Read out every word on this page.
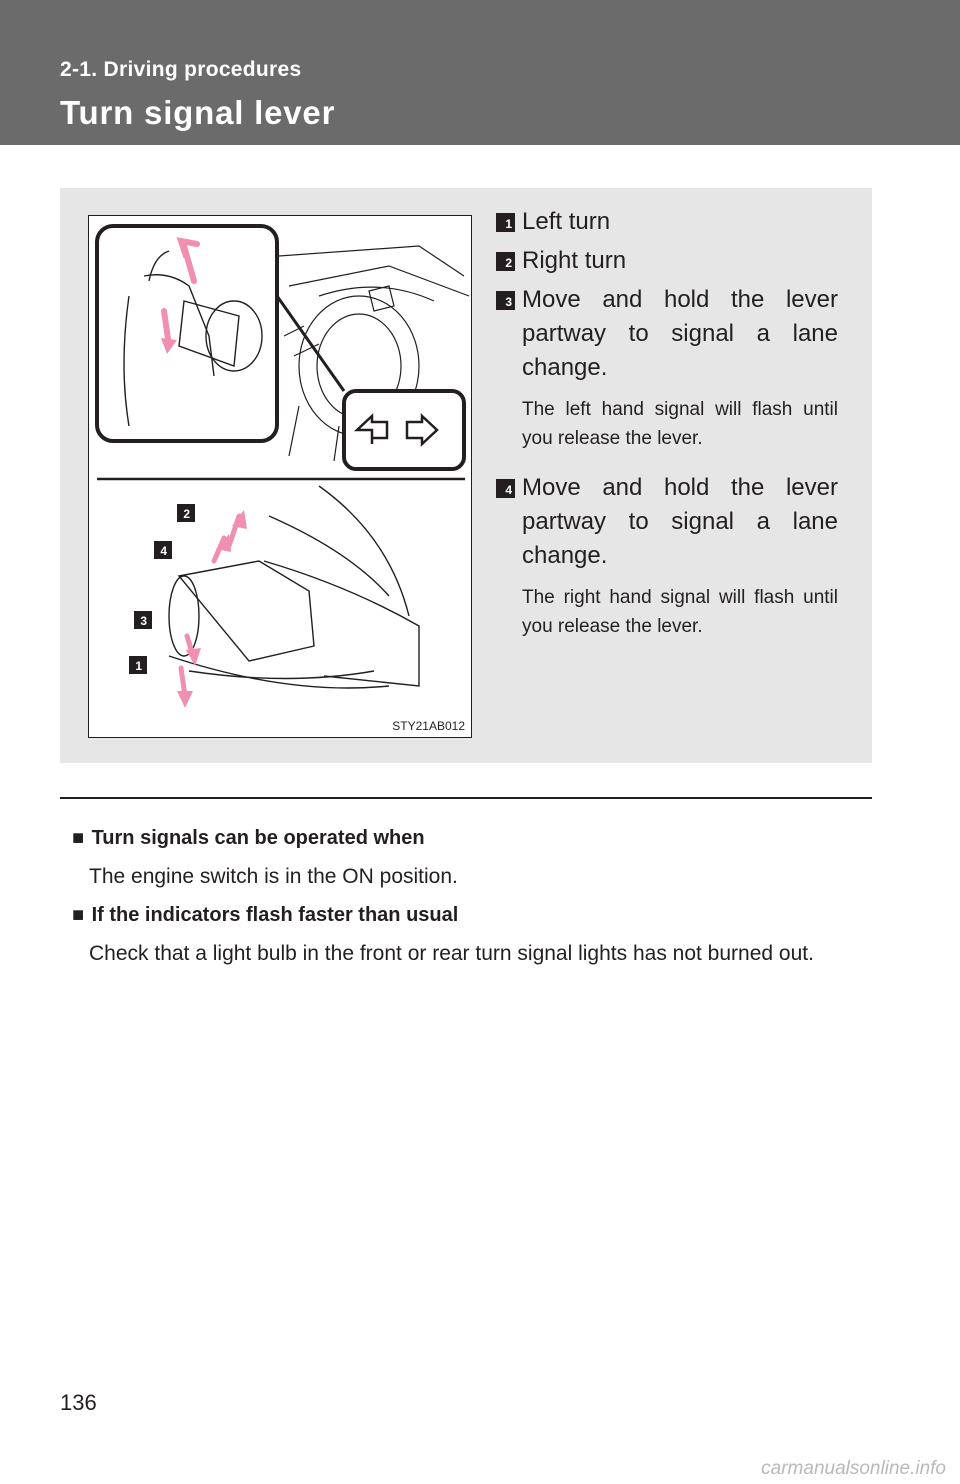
2-1. Driving procedures
Turn signal lever
2
4
3
1
STY21AB012
1 Left turn
2 Right turn
3 Move and hold the lever partway to signal a lane change.
The left hand signal will flash until you release the lever.
4 Move and hold the lever partway to signal a lane change.
The right hand signal will flash until you release the lever.
■ Turn signals can be operated when
The engine switch is in the ON position.
■ If the indicators flash faster than usual
Check that a light bulb in the front or rear turn signal lights has not burned out.
136
carmanualsonline.info
